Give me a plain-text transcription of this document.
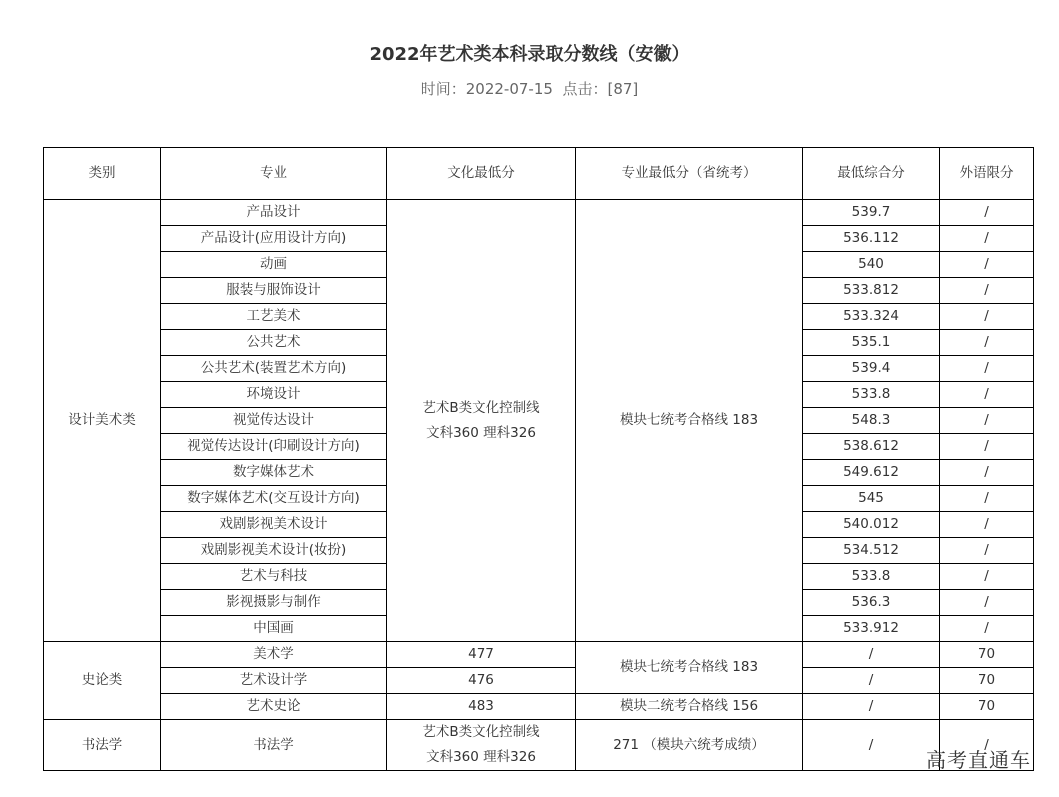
2022年艺术类本科录取分数线（安徽）
时间：2022-07-15 点击：[87]
类别	专业	文化最低分	专业最低分（省统考）	最低综合分	外语限分
设计美术类	产品设计	艺术B类文化控制线
文科360 理科326	模块七统考合格线 183	539.7	/
	产品设计(应用设计方向)			536.112	/
	动画			540	/
	服装与服饰设计			533.812	/
	工艺美术			533.324	/
	公共艺术			535.1	/
	公共艺术(装置艺术方向)			539.4	/
	环境设计			533.8	/
	视觉传达设计			548.3	/
	视觉传达设计(印刷设计方向)			538.612	/
	数字媒体艺术			549.612	/
	数字媒体艺术(交互设计方向)			545	/
	戏剧影视美术设计			540.012	/
	戏剧影视美术设计(妆扮)			534.512	/
	艺术与科技			533.8	/
	影视摄影与制作			536.3	/
	中国画			533.912	/
史论类	美术学	477	模块七统考合格线 183	/	70
	艺术设计学	476		/	70
	艺术史论	483	模块二统考合格线 156	/	70
书法学	书法学	艺术B类文化控制线
文科360 理科326	271 （模块六统考成绩）	/	/
高考直通车
